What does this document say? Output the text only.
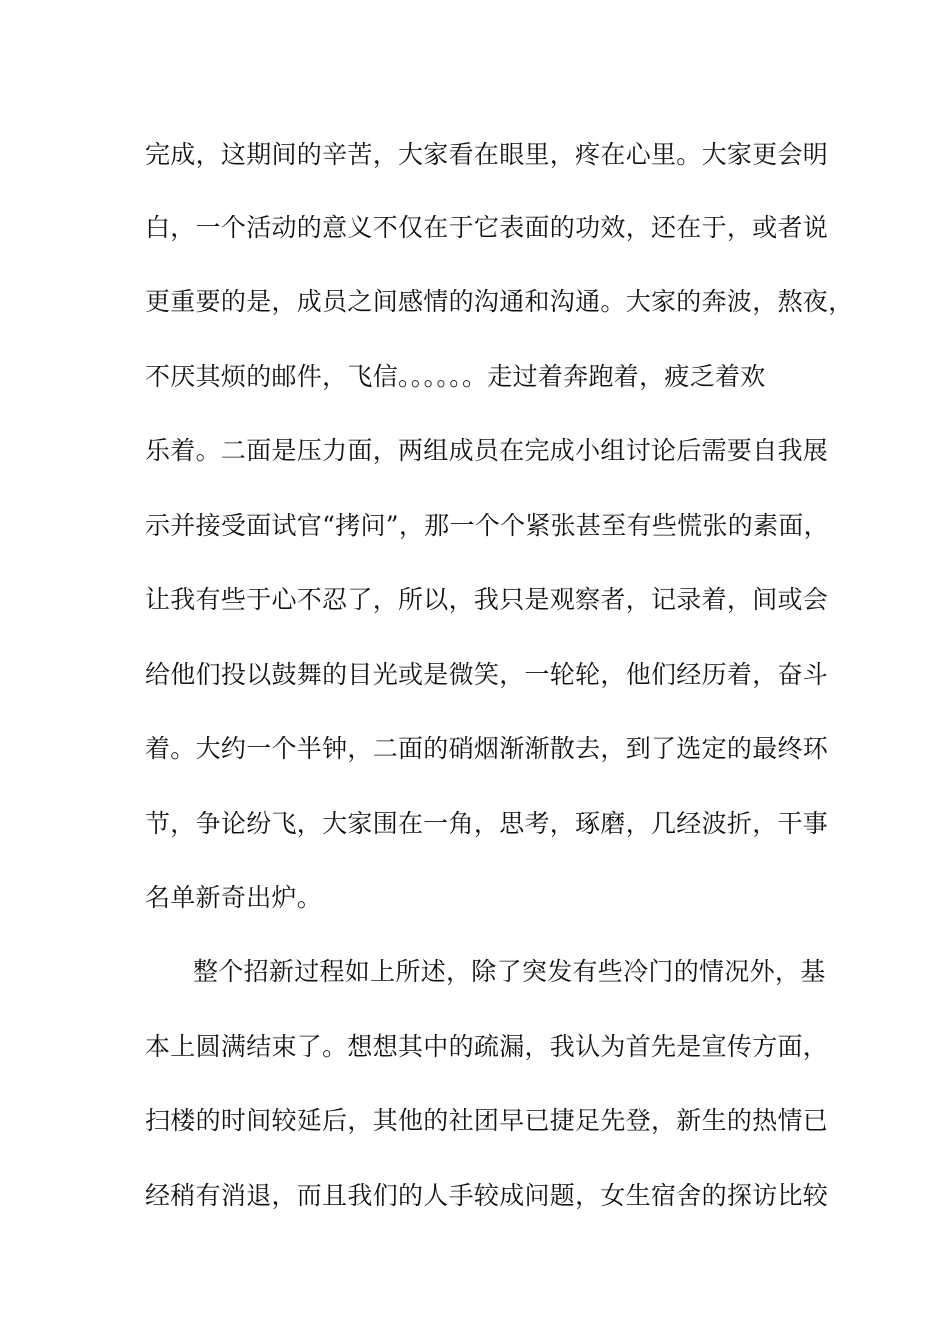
完成，这期间的辛苦，大家看在眼里，疼在心里。大家更会明
白，一个活动的意义不仅在于它表面的功效，还在于，或者说
更重要的是，成员之间感情的沟通和沟通。大家的奔波，熬夜，
不厌其烦的邮件，飞信。。。。。。走过着奔跑着，疲乏着欢
乐着。二面是压力面，两组成员在完成小组讨论后需要自我展
示并接受面试官“拷问”，那一个个紧张甚至有些慌张的素面，
让我有些于心不忍了，所以，我只是观察者，记录着，间或会
给他们投以鼓舞的目光或是微笑，一轮轮，他们经历着，奋斗
着。大约一个半钟，二面的硝烟渐渐散去，到了选定的最终环
节，争论纷飞，大家围在一角，思考，琢磨，几经波折，干事
名单新奇出炉。
整个招新过程如上所述，除了突发有些冷门的情况外，基
本上圆满结束了。想想其中的疏漏，我认为首先是宣传方面，
扫楼的时间较延后，其他的社团早已捷足先登，新生的热情已
经稍有消退，而且我们的人手较成问题，女生宿舍的探访比较
